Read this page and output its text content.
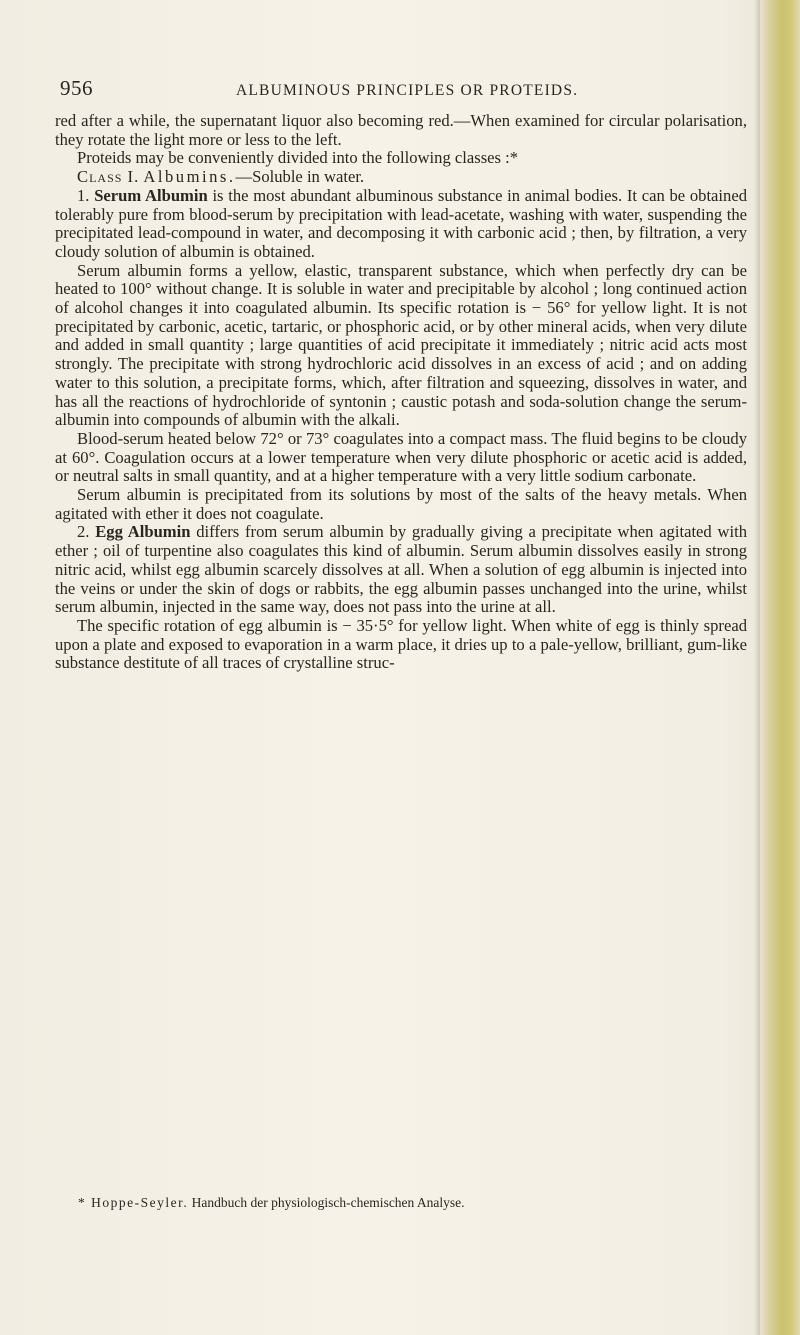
956	ALBUMINOUS PRINCIPLES OR PROTEIDS.

red after a while, the supernatant liquor also becoming red.—When examined for circular polarisation, they rotate the light more or less to the left.

Proteids may be conveniently divided into the following classes :*

Class I. Albumins.—Soluble in water.

1. Serum Albumin is the most abundant albuminous substance in animal bodies. It can be obtained tolerably pure from blood-serum by precipitation with lead-acetate, washing with water, suspending the precipitated lead-compound in water, and decomposing it with carbonic acid ; then, by filtration, a very cloudy solution of albumin is obtained.

Serum albumin forms a yellow, elastic, transparent substance, which when perfectly dry can be heated to 100° without change. It is soluble in water and precipitable by alcohol ; long continued action of alcohol changes it into coagulated albumin. Its specific rotation is − 56° for yellow light. It is not precipitated by carbonic, acetic, tartaric, or phosphoric acid, or by other mineral acids, when very dilute and added in small quantity ; large quantities of acid precipitate it immediately ; nitric acid acts most strongly. The precipitate with strong hydrochloric acid dissolves in an excess of acid ; and on adding water to this solution, a precipitate forms, which, after filtration and squeezing, dissolves in water, and has all the reactions of hydrochloride of syntonin ; caustic potash and soda-solution change the serum-albumin into compounds of albumin with the alkali.

Blood-serum heated below 72° or 73° coagulates into a compact mass. The fluid begins to be cloudy at 60°. Coagulation occurs at a lower temperature when very dilute phosphoric or acetic acid is added, or neutral salts in small quantity, and at a higher temperature with a very little sodium carbonate.

Serum albumin is precipitated from its solutions by most of the salts of the heavy metals. When agitated with ether it does not coagulate.

2. Egg Albumin differs from serum albumin by gradually giving a precipitate when agitated with ether ; oil of turpentine also coagulates this kind of albumin. Serum albumin dissolves easily in strong nitric acid, whilst egg albumin scarcely dissolves at all. When a solution of egg albumin is injected into the veins or under the skin of dogs or rabbits, the egg albumin passes unchanged into the urine, whilst serum albumin, injected in the same way, does not pass into the urine at all.

The specific rotation of egg albumin is − 35·5° for yellow light. When white of egg is thinly spread upon a plate and exposed to evaporation in a warm place, it dries up to a pale-yellow, brilliant, gum-like substance destitute of all traces of crystalline struc-

* Hoppe-Seyler. Handbuch der physiologisch-chemischen Analyse.
